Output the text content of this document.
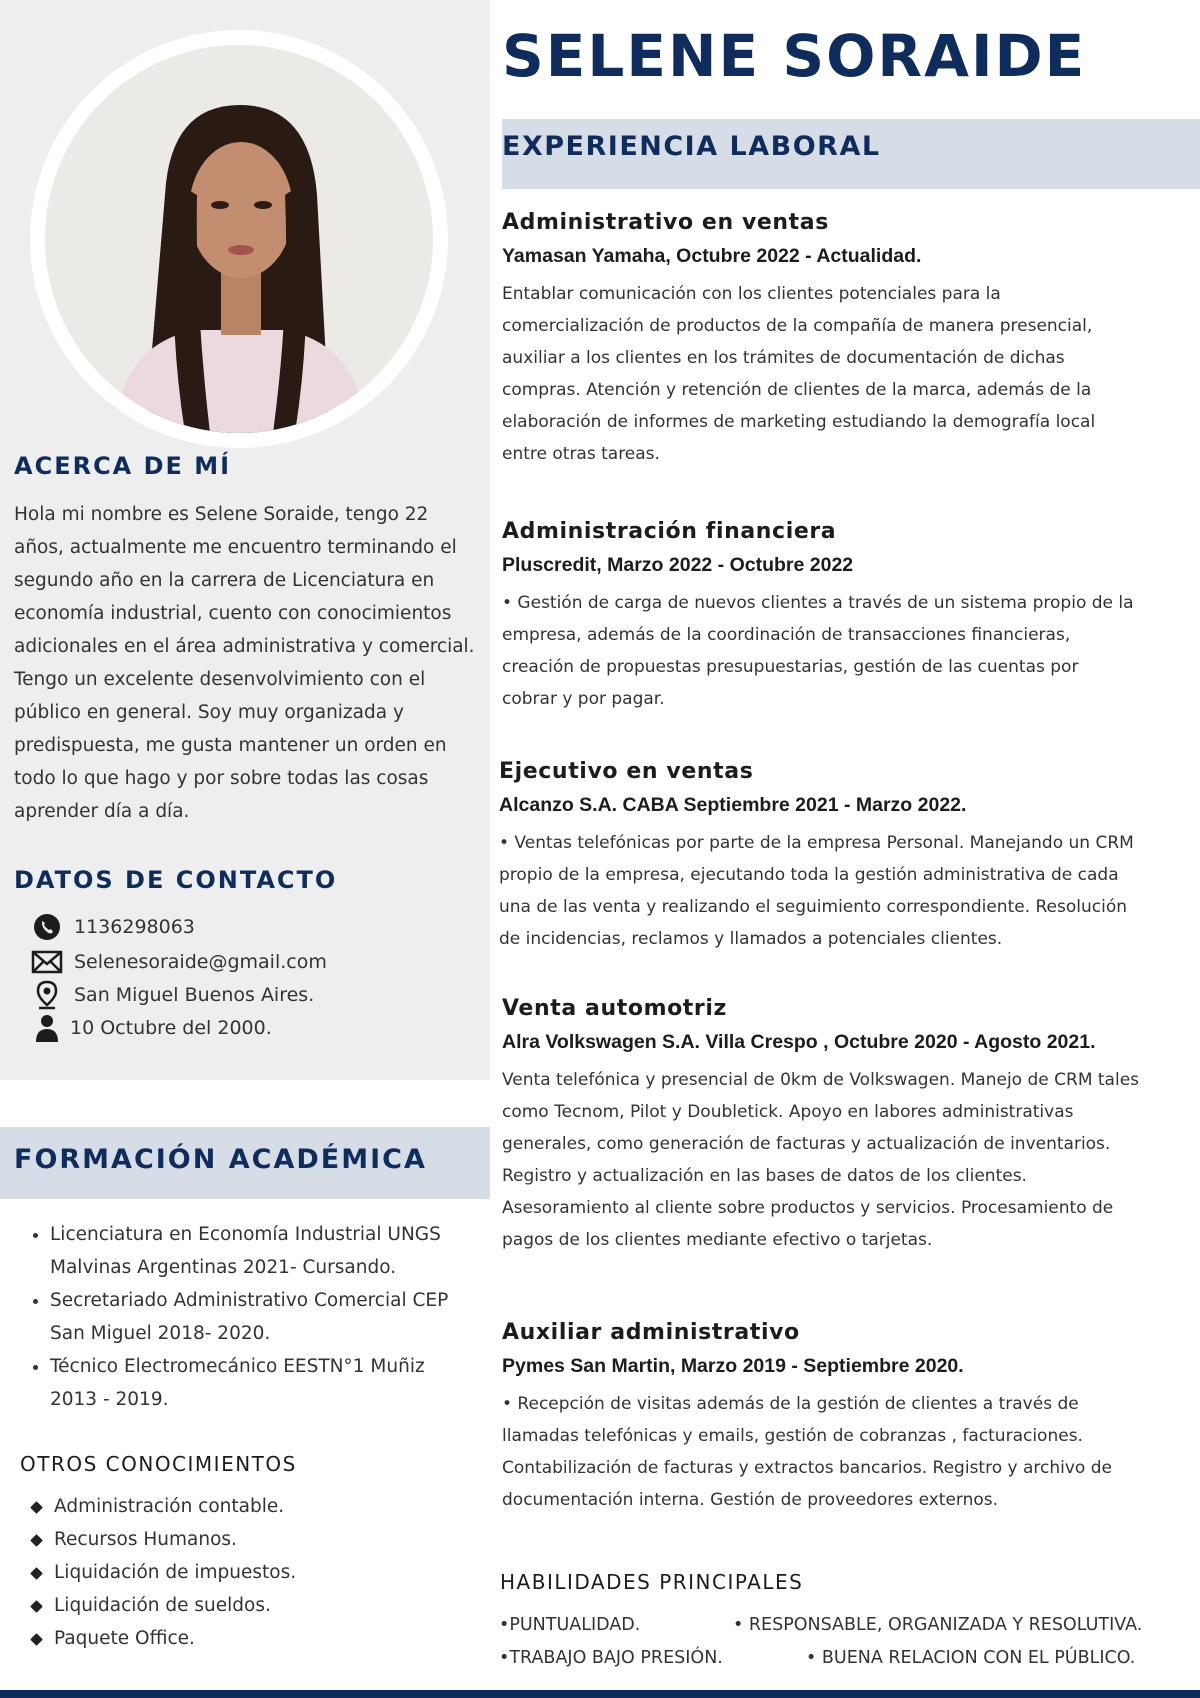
ACERCA DE MÍ

Hola mi nombre es Selene Soraide, tengo 22

años, actualmente me encuentro terminando el

segundo año en la carrera de Licenciatura en

economía industrial, cuento con conocimientos

adicionales en el área administrativa y comercial.

Tengo un excelente desenvolvimiento con el

público en general. Soy muy organizada y

predispuesta, me gusta mantener un orden en

todo lo que hago y por sobre todas las cosas

aprender día a día.

DATOS DE CONTACTO
1136298063
Selenesoraide@gmail.com
San Miguel Buenos Aires.
10 Octubre del 2000.
FORMACIÓN ACADÉMICA
• Licenciatura en Economía Industrial UNGS
Malvinas Argentinas 2021- Cursando.
• Secretariado Administrativo Comercial CEP
San Miguel 2018- 2020.
• Técnico Electromecánico EESTN°1 Muñiz
2013 - 2019.
OTROS CONOCIMIENTOS
Administración contable.
Recursos Humanos.
Liquidación de impuestos.
Liquidación de sueldos.
Paquete Office.
SELENE SORAIDE
EXPERIENCIA LABORAL
Administrativo en ventas

Yamasan Yamaha, Octubre 2022 - Actualidad.

Entablar comunicación con los clientes potenciales para la

comercialización de productos de la compañía de manera presencial,

auxiliar a los clientes en los trámites de documentación de dichas

compras. Atención y retención de clientes de la marca, además de la

elaboración de informes de marketing estudiando la demografía local

entre otras tareas.

Administración financiera

Pluscredit, Marzo 2022 - Octubre 2022

• Gestión de carga de nuevos clientes a través de un sistema propio de la

empresa, además de la coordinación de transacciones financieras,

creación de propuestas presupuestarias, gestión de las cuentas por

cobrar y por pagar.

Ejecutivo en ventas

Alcanzo S.A. CABA Septiembre 2021 - Marzo 2022.

• Ventas telefónicas por parte de la empresa Personal. Manejando un CRM

propio de la empresa, ejecutando toda la gestión administrativa de cada

una de las venta y realizando el seguimiento correspondiente. Resolución

de incidencias, reclamos y llamados a potenciales clientes.

Venta automotriz

Alra Volkswagen S.A. Villa Crespo , Octubre 2020 - Agosto 2021.

Venta telefónica y presencial de 0km de Volkswagen. Manejo de CRM tales

como Tecnom, Pilot y Doubletick. Apoyo en labores administrativas

generales, como generación de facturas y actualización de inventarios.

Registro y actualización en las bases de datos de los clientes.

Asesoramiento al cliente sobre productos y servicios. Procesamiento de

pagos de los clientes mediante efectivo o tarjetas.

Auxiliar administrativo

Pymes San Martin, Marzo 2019 - Septiembre 2020.

• Recepción de visitas además de la gestión de clientes a través de

llamadas telefónicas y emails, gestión de cobranzas , facturaciones.

Contabilización de facturas y extractos bancarios. Registro y archivo de

documentación interna. Gestión de proveedores externos.

HABILIDADES PRINCIPALES
•PUNTUALIDAD.	• RESPONSABLE, ORGANIZADA Y RESOLUTIVA.
•TRABAJO BAJO PRESIÓN.	• BUENA RELACION CON EL PÚBLICO.
